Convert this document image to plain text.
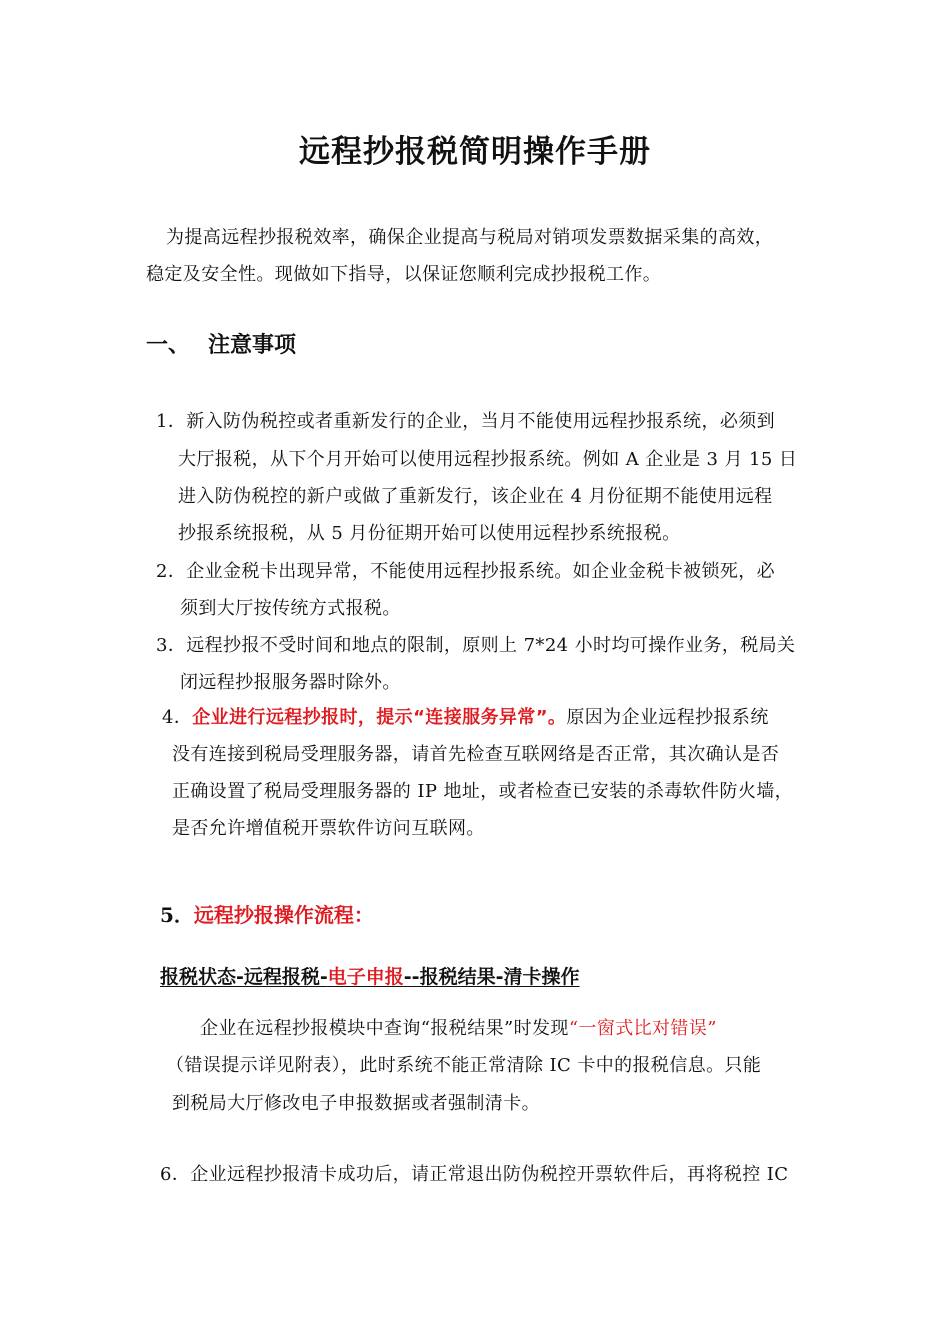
远程抄报税简明操作手册
为提高远程抄报税效率，确保企业提高与税局对销项发票数据采集的高效，
稳定及安全性。现做如下指导，以保证您顺利完成抄报税工作。
一、 注意事项
1．新入防伪税控或者重新发行的企业，当月不能使用远程抄报系统，必须到
大厅报税，从下个月开始可以使用远程抄报系统。例如 A 企业是 3 月 15 日
进入防伪税控的新户或做了重新发行，该企业在 4 月份征期不能使用远程
抄报系统报税，从 5 月份征期开始可以使用远程抄系统报税。
2．企业金税卡出现异常，不能使用远程抄报系统。如企业金税卡被锁死，必
须到大厅按传统方式报税。
3．远程抄报不受时间和地点的限制，原则上 7*24 小时均可操作业务，税局关
闭远程抄报服务器时除外。
4．企业进行远程抄报时，提示“连接服务异常”。原因为企业远程抄报系统
没有连接到税局受理服务器，请首先检查互联网络是否正常，其次确认是否
正确设置了税局受理服务器的 IP 地址，或者检查已安装的杀毒软件防火墙，
是否允许增值税开票软件访问互联网。
5．远程抄报操作流程：
报税状态-远程报税-电子申报--报税结果-清卡操作
企业在远程抄报模块中查询“报税结果”时发现“一窗式比对错误”
（错误提示详见附表），此时系统不能正常清除 IC 卡中的报税信息。只能
到税局大厅修改电子申报数据或者强制清卡。
6．企业远程抄报清卡成功后，请正常退出防伪税控开票软件后，再将税控 IC
